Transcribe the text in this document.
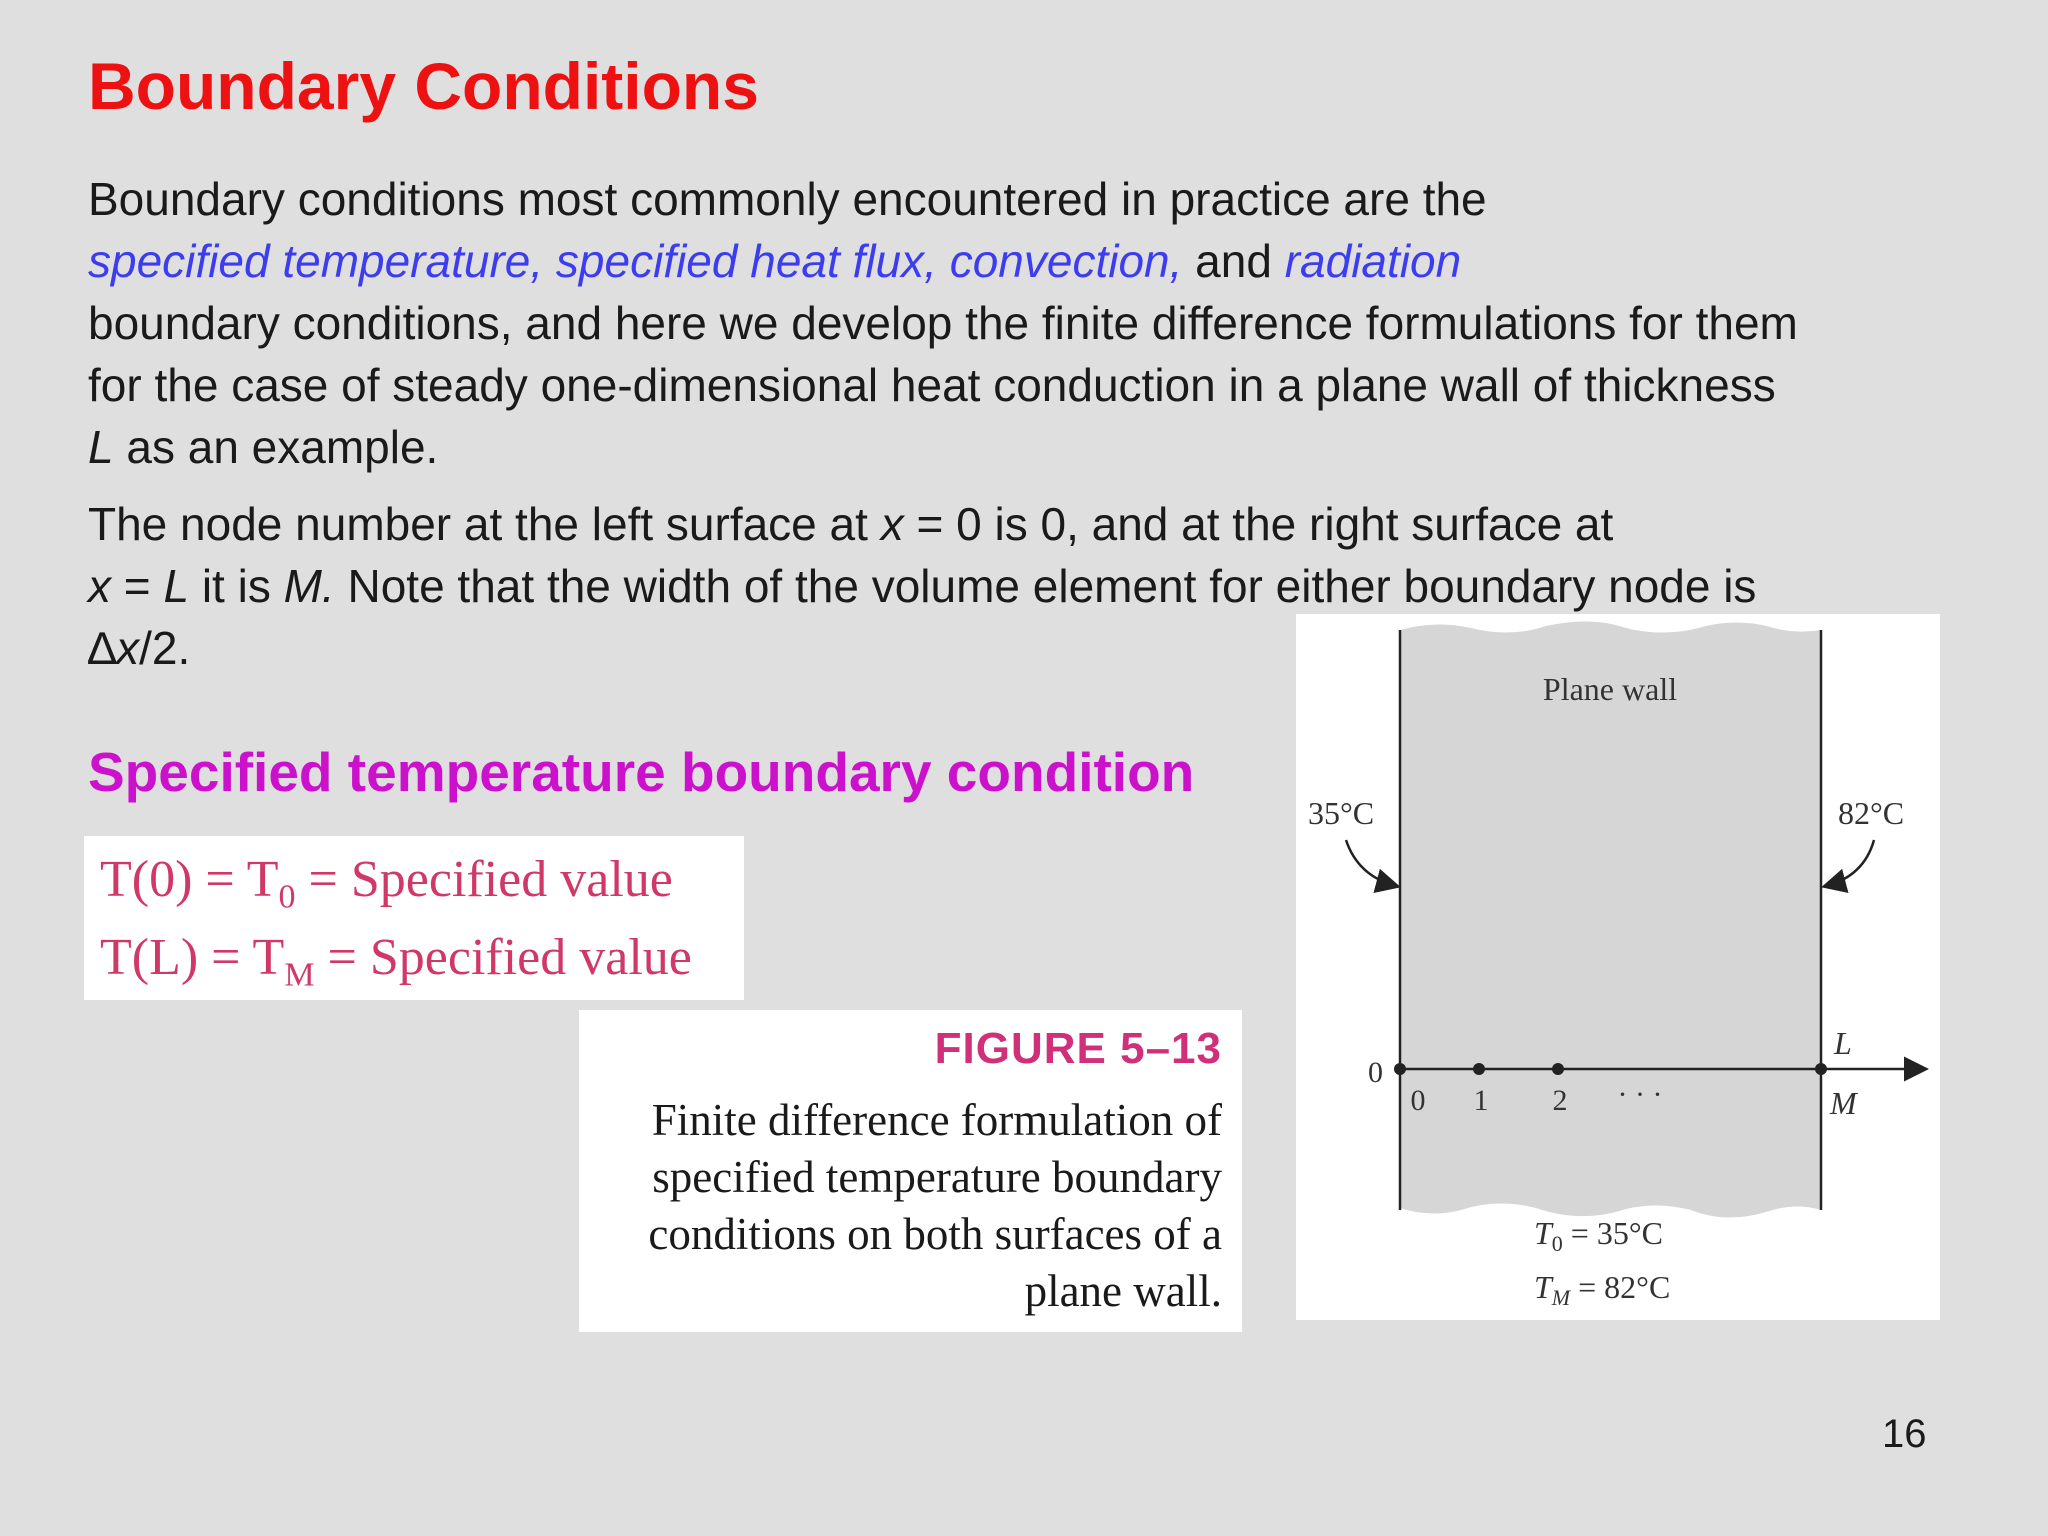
Boundary Conditions

Boundary conditions most commonly encountered in practice are the
specified temperature, specified heat flux, convection, and radiation
boundary conditions, and here we develop the finite difference formulations for them for the case of steady one-dimensional heat conduction in a plane wall of thickness L as an example.

The node number at the left surface at x = 0 is 0, and at the right surface at
x = L it is M. Note that the width of the volume element for either boundary node is ∆x/2.

Specified temperature boundary condition
$T(0) = T_0$ = Specified value
$T(L) = T_M$ = Specified value

FIGURE 5–13

Finite difference formulation of specified temperature boundary conditions on both surfaces of a plane wall.

Plane wall
35°C	82°C
0
0 1 2 · · ·
L
M
$T_0 = 35^\circ C$
$T_M = 82^\circ C$

16
